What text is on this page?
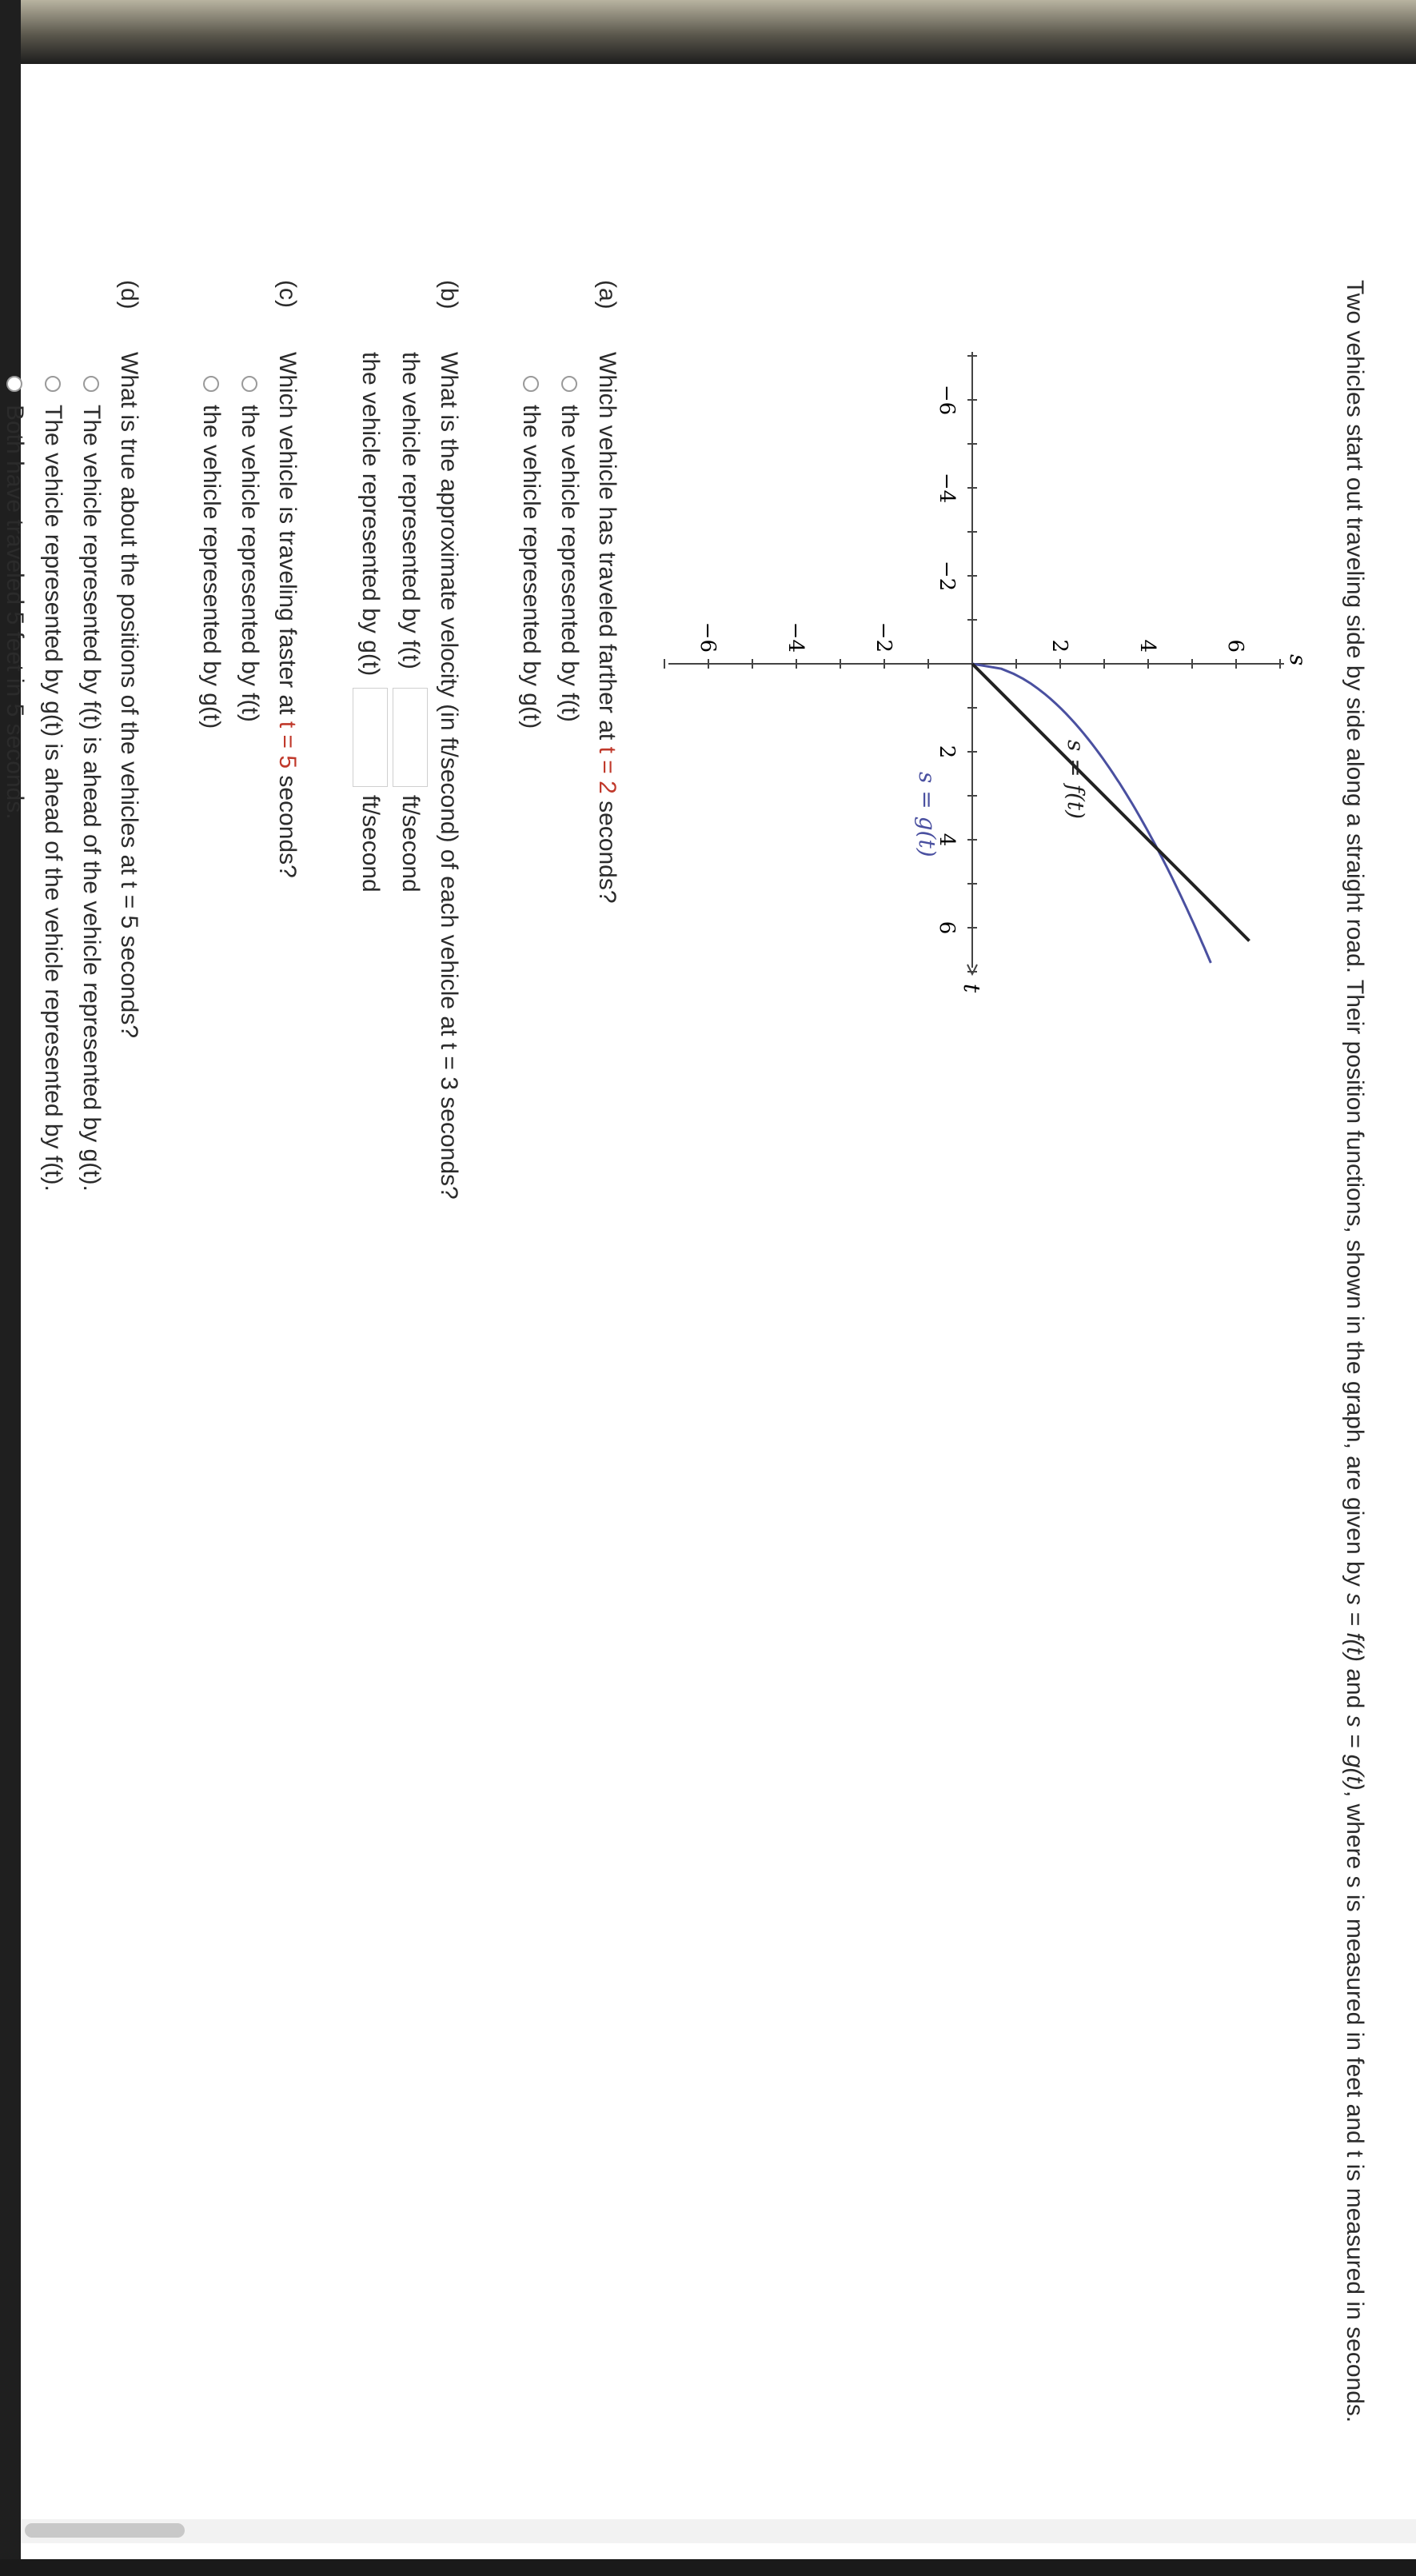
Two vehicles start out traveling side by side along a straight road. Their position functions, shown in the graph, are given by s = f(t) and s = g(t), where s is measured in feet and t is measured in seconds.

−6
−4
−2
2
4
6
6
4
2
−2
−4
−6
t
s
s = f(t)
s = g(t)
(a)
Which vehicle has traveled farther at t = 2 seconds?
the vehicle represented by f(t)
the vehicle represented by g(t)
(b)
What is the approximate velocity (in ft/second) of each vehicle at t = 3 seconds?
the vehicle represented by f(t)
ft/second
the vehicle represented by g(t)
ft/second
(c)
Which vehicle is traveling faster at t = 5 seconds?
the vehicle represented by f(t)
the vehicle represented by g(t)
(d)
What is true about the positions of the vehicles at t = 5 seconds?
The vehicle represented by f(t) is ahead of the vehicle represented by g(t).
The vehicle represented by g(t) is ahead of the vehicle represented by f(t).
Both have traveled 5 feet in 5 seconds.
